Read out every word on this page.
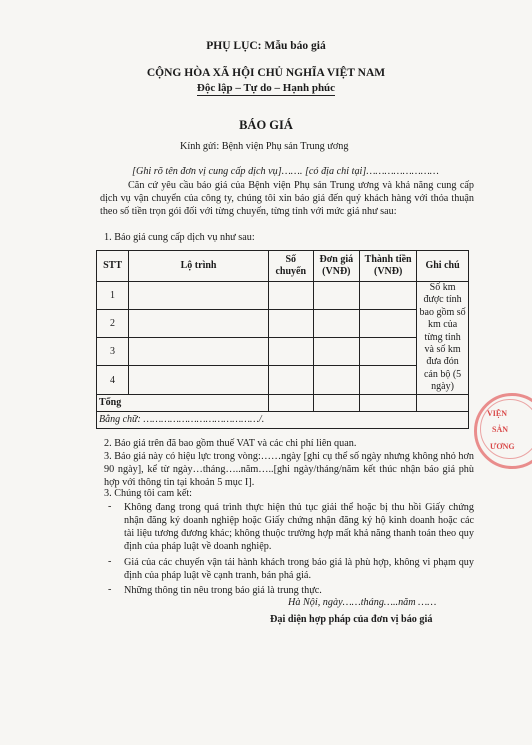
PHỤ LỤC: Mẫu báo giá
CỘNG HÒA XÃ HỘI CHỦ NGHĨA VIỆT NAM
Độc lập – Tự do – Hạnh phúc
BÁO GIÁ
Kính gửi: Bệnh viện Phụ sản Trung ương
[Ghi rõ tên đơn vị cung cấp dịch vụ]……. [có địa chỉ tại]……………………
Căn cứ yêu cầu báo giá của Bệnh viện Phụ sản Trung ương và khả năng cung cấp dịch vụ vận chuyển của công ty, chúng tôi xin báo giá đến quý khách hàng với thỏa thuận theo số tiền trọn gói đối với từng chuyến, từng tỉnh với mức giá như sau:
1. Báo giá cung cấp dịch vụ như sau:
STT	Lộ trình	Số chuyến	Đơn giá (VNĐ)	Thành tiền (VNĐ)	Ghi chú
1					Số km được tính bao gồm số km của từng tỉnh và số km đưa đón cán bộ (5 ngày)
2					
3					
4					
Tổng					
Bằng chữ: …………………………………/.					
2. Báo giá trên đã bao gồm thuế VAT và các chi phí liên quan.
3. Báo giá này có hiệu lực trong vòng:……ngày [ghi cụ thể số ngày nhưng không nhỏ hơn 90 ngày], kể từ ngày…tháng…..năm…..[ghi ngày/tháng/năm kết thúc nhận báo giá phù hợp với thông tin tại khoản 5 mục I].
3. Chúng tôi cam kết:
- Không đang trong quá trình thực hiện thủ tục giải thể hoặc bị thu hồi Giấy chứng nhận đăng ký doanh nghiệp hoặc Giấy chứng nhận đăng ký hộ kinh doanh hoặc các tài liệu tương đương khác; không thuộc trường hợp mất khả năng thanh toán theo quy định của pháp luật về doanh nghiệp.
- Giá của các chuyến vận tải hành khách trong báo giá là phù hợp, không vi phạm quy định của pháp luật về cạnh tranh, bán phá giá.
- Những thông tin nêu trong báo giá là trung thực.
Hà Nội, ngày……tháng…..năm ……
Đại diện hợp pháp của đơn vị báo giá
VIỆN
SẢN
ƯƠNG
